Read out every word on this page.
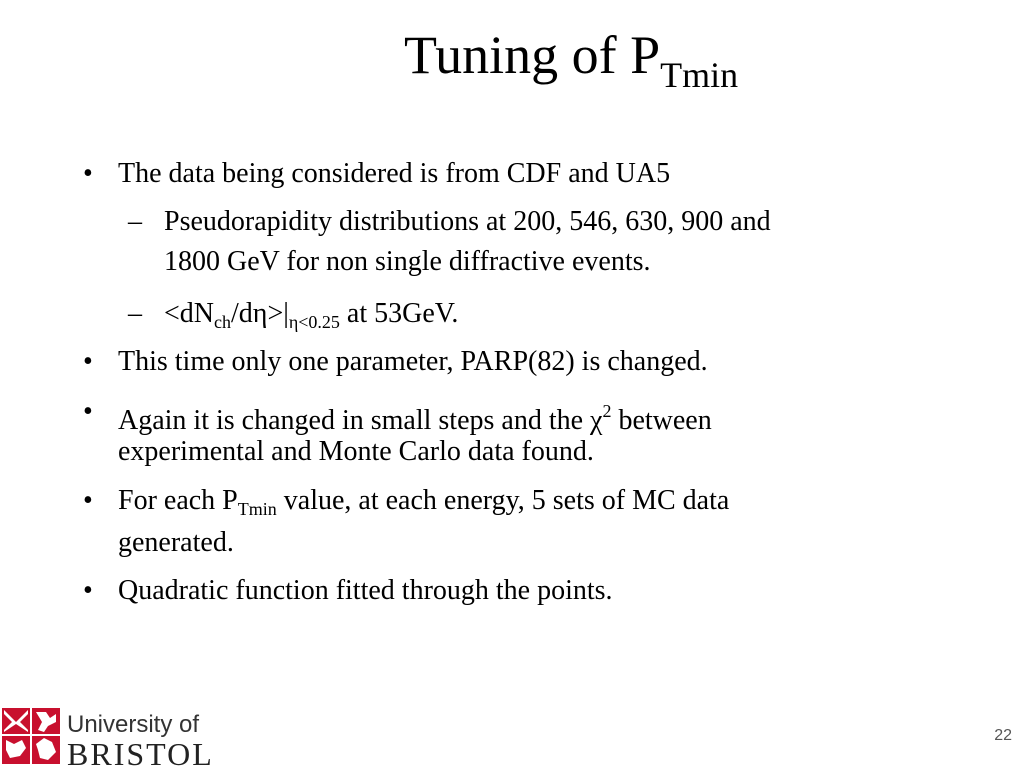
Tuning of $P_{Tmin}$
• The data being considered is from CDF and UA5
– Pseudorapidity distributions at 200, 546, 630, 900 and
1800 GeV for non single diffractive events.
– $<dN_{ch}/d\eta>|_{\eta<0.25}$ at 53GeV.
• This time only one parameter, PARP(82) is changed.
• Again it is changed in small steps and the $\chi^2$ between
experimental and Monte Carlo data found.
• For each $P_{Tmin}$ value, at each energy, 5 sets of MC data
generated.
• Quadratic function fitted through the points.
University of
BRISTOL
22
